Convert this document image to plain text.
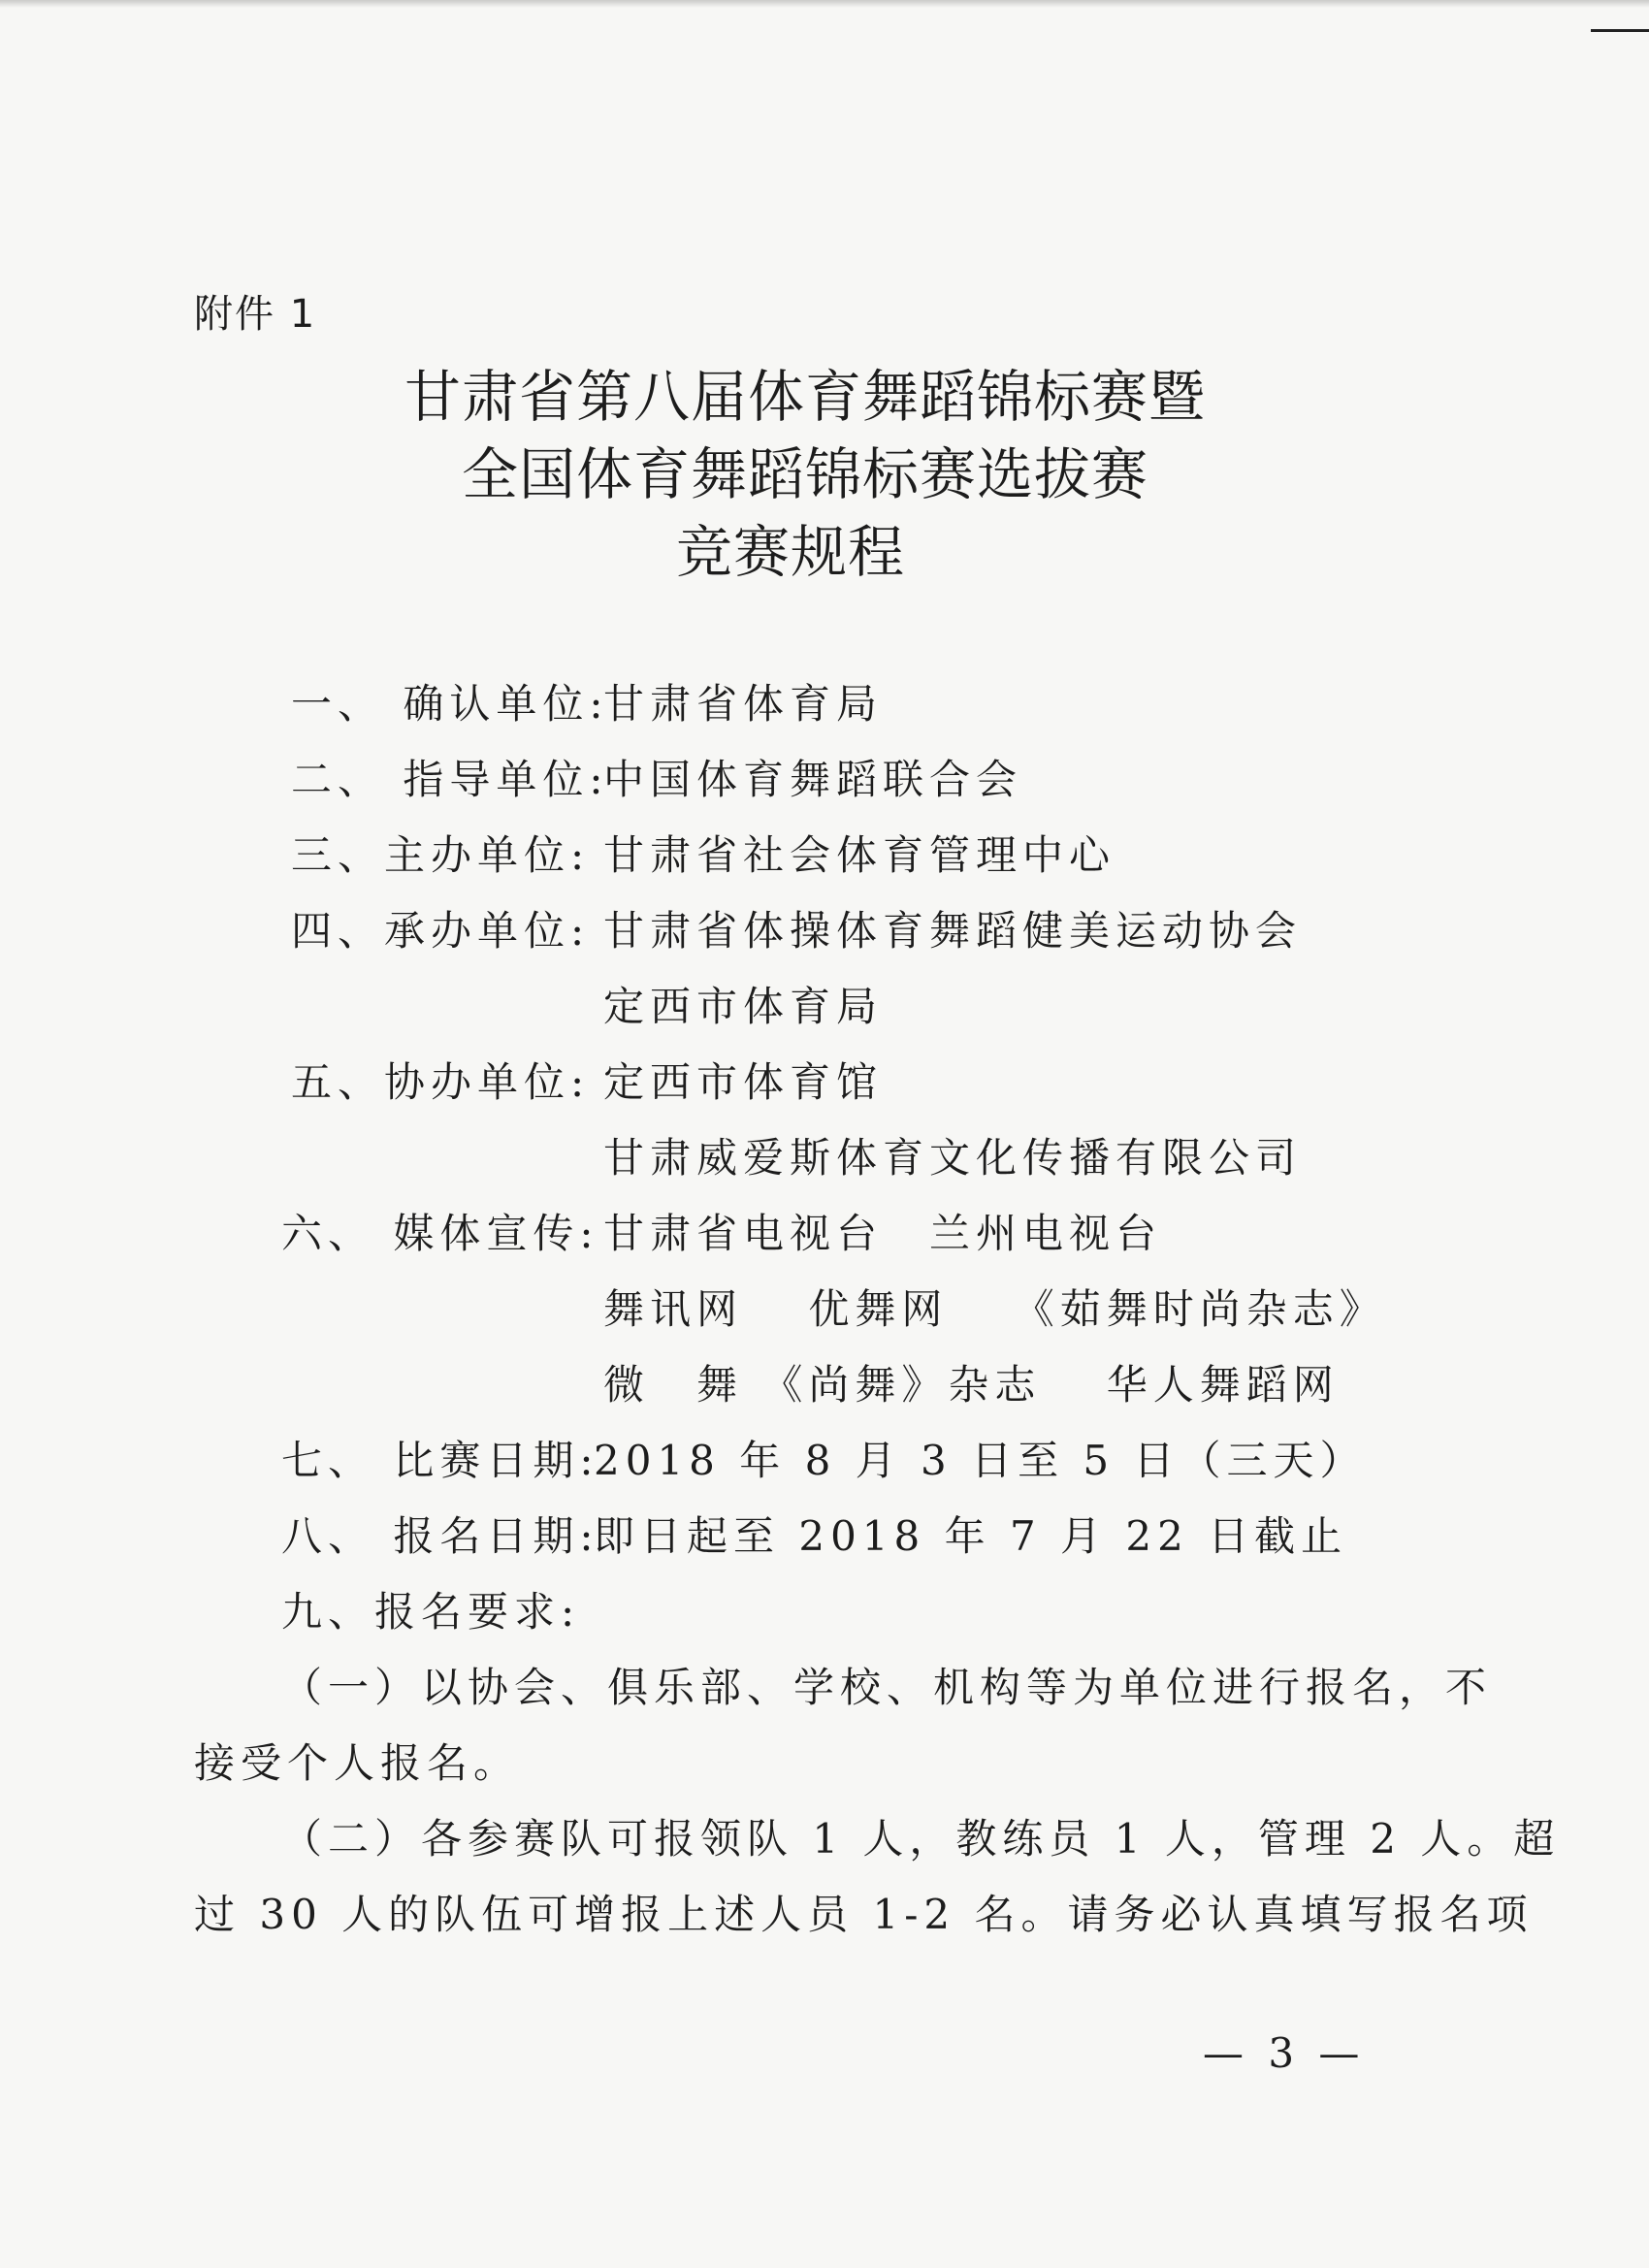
附件 1
甘肃省第八届体育舞蹈锦标赛暨
全国体育舞蹈锦标赛选拔赛
竞赛规程
一、 确认单位:
甘肃省体育局
二、 指导单位:
中国体育舞蹈联合会
三、主办单位: 甘肃省社会体育管理中心
四、承办单位: 甘肃省体操体育舞蹈健美运动协会
定西市体育局
五、协办单位: 定西市体育馆
甘肃威爱斯体育文化传播有限公司
六、 媒体宣传: 甘肃省电视台　兰州电视台
舞讯网　 优舞网　 《茹舞时尚杂志》
微　舞 《尚舞》杂志　 华人舞蹈网
七、 比赛日期:
2018 年 8 月 3 日至 5 日（三天）
八、 报名日期:
即日起至 2018 年 7 月 22 日截止
九、报名要求:
（一）以协会、俱乐部、学校、机构等为单位进行报名，不
接受个人报名。
（二）各参赛队可报领队 1 人，教练员 1 人，管理 2 人。超
过 30 人的队伍可增报上述人员 1-2 名。请务必认真填写报名项
— 3 —
